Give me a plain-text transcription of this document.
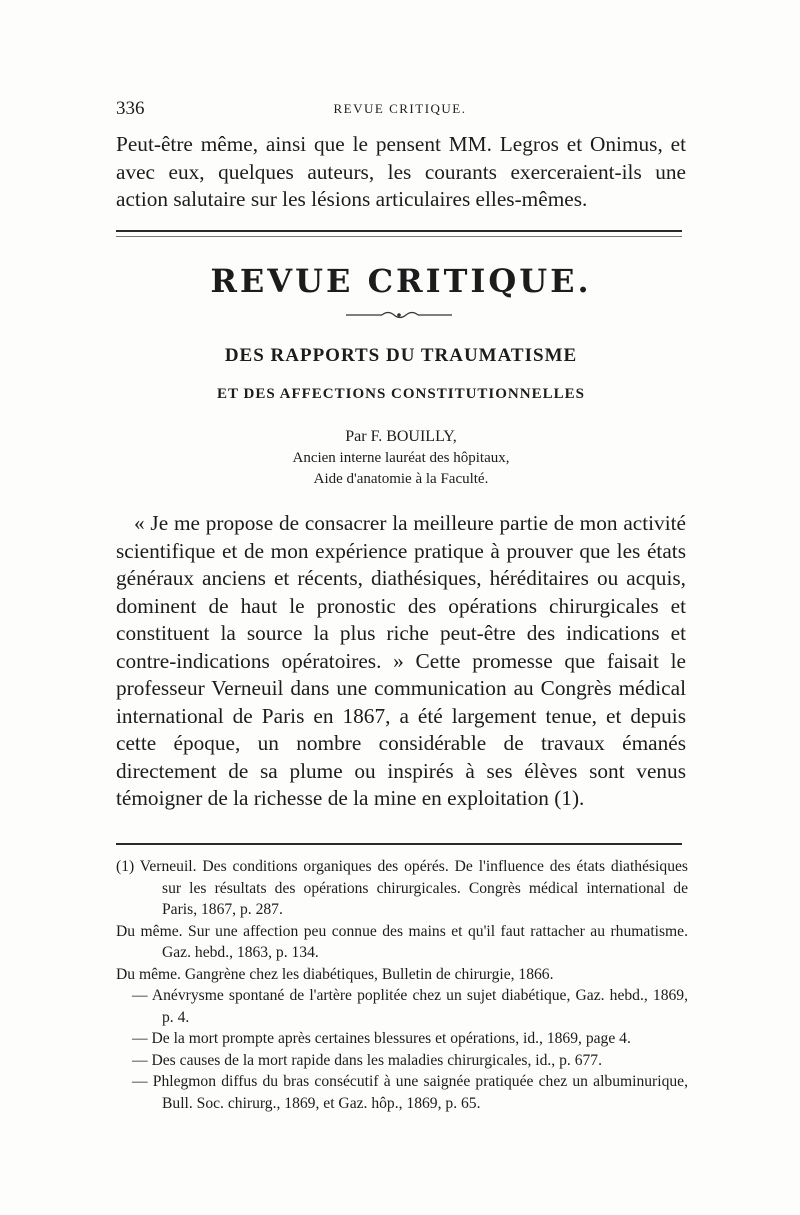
336	REVUE CRITIQUE.

Peut-être même, ainsi que le pensent MM. Legros et Onimus, et avec eux, quelques auteurs, les courants exerceraient-ils une action salutaire sur les lésions articulaires elles-mêmes.

REVUE CRITIQUE.
DES RAPPORTS DU TRAUMATISME
ET DES AFFECTIONS CONSTITUTIONNELLES

Par F. BOUILLY,

Ancien interne lauréat des hôpitaux,

Aide d'anatomie à la Faculté.

« Je me propose de consacrer la meilleure partie de mon activité scientifique et de mon expérience pratique à prouver que les états généraux anciens et récents, diathésiques, héréditaires ou acquis, dominent de haut le pronostic des opérations chirurgicales et constituent la source la plus riche peut-être des indications et contre-indications opératoires. » Cette promesse que faisait le professeur Verneuil dans une communication au Congrès médical international de Paris en 1867, a été largement tenue, et depuis cette époque, un nombre considérable de travaux émanés directement de sa plume ou inspirés à ses élèves sont venus témoigner de la richesse de la mine en exploitation (1).

(1) Verneuil. Des conditions organiques des opérés. De l'influence des états diathésiques sur les résultats des opérations chirurgicales. Congrès médical international de Paris, 1867, p. 287.
Du même. Sur une affection peu connue des mains et qu'il faut rattacher au rhumatisme. Gaz. hebd., 1863, p. 134.
Du même. Gangrène chez les diabétiques, Bulletin de chirurgie, 1866.
— Anévrysme spontané de l'artère poplitée chez un sujet diabétique, Gaz. hebd., 1869, p. 4.
— De la mort prompte après certaines blessures et opérations, id., 1869, page 4.
— Des causes de la mort rapide dans les maladies chirurgicales, id., p. 677.
— Phlegmon diffus du bras consécutif à une saignée pratiquée chez un albuminurique, Bull. Soc. chirurg., 1869, et Gaz. hôp., 1869, p. 65.
